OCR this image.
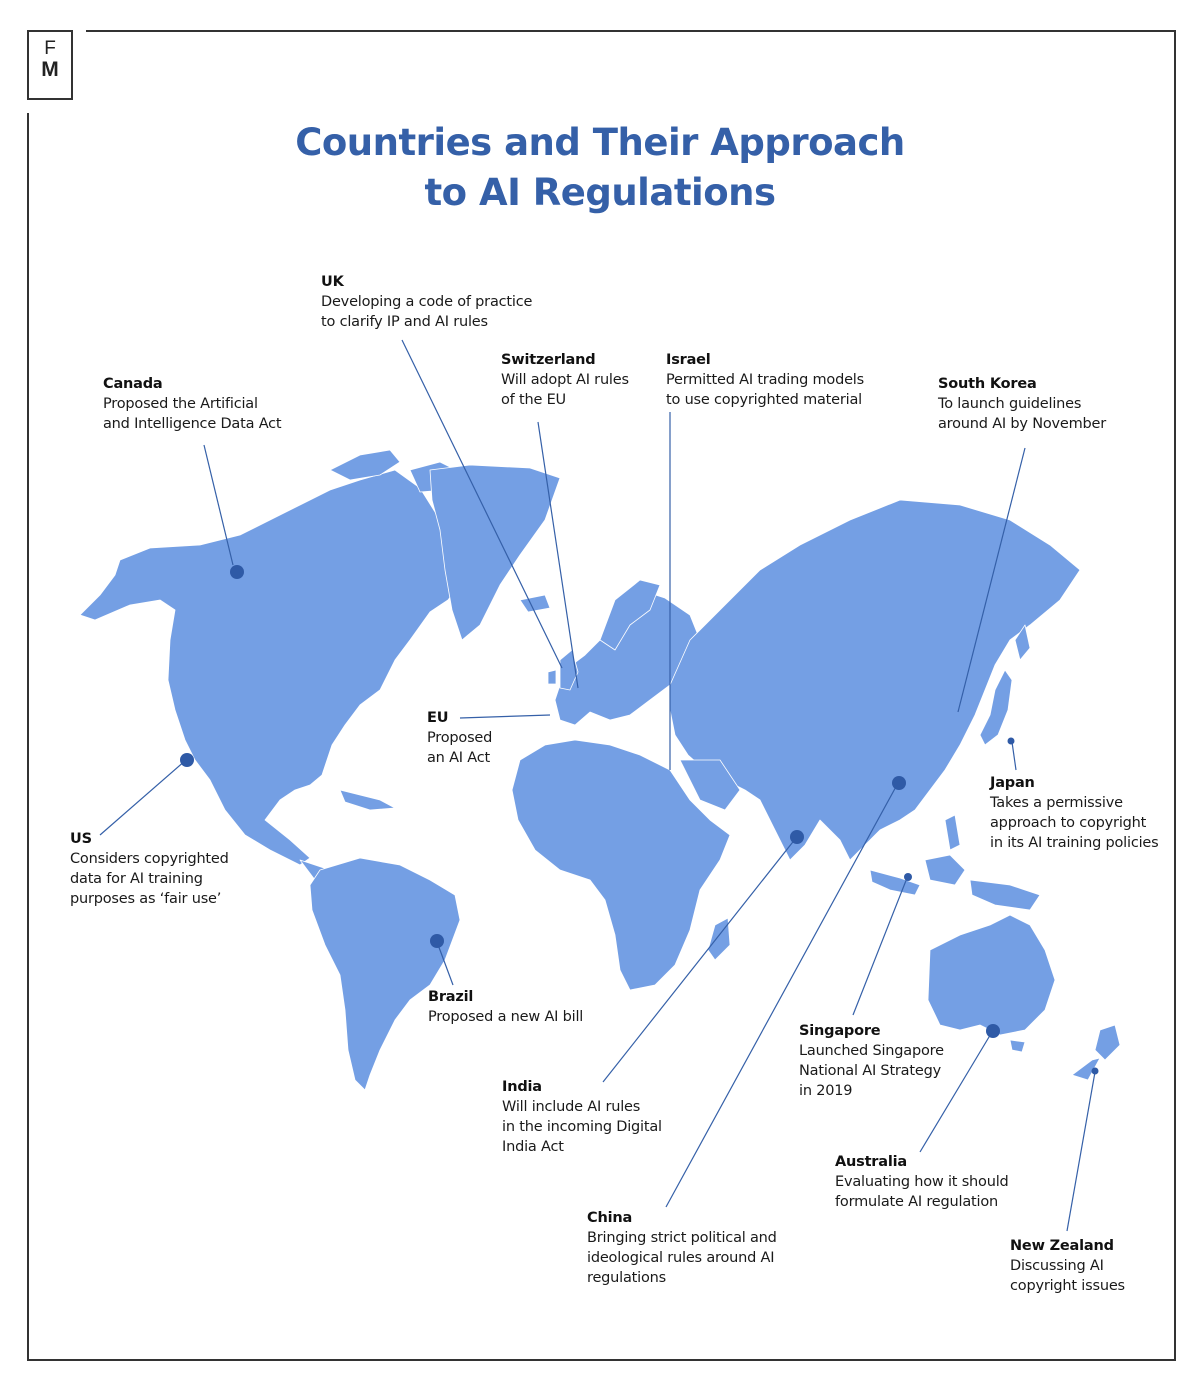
F
M
Countries and Their Approach
to AI Regulations
UK
Developing a code of practice
to clarify IP and AI rules
Canada
Proposed the Artificial
and Intelligence Data Act
Switzerland
Will adopt AI rules
of the EU
Israel
Permitted AI trading models
to use copyrighted material
South Korea
To launch guidelines
around AI by November
EU
Proposed
an AI Act
US
Considers copyrighted
data for AI training
purposes as ‘fair use’
Japan
Takes a permissive
approach to copyright
in its AI training policies
Brazil
Proposed a new AI bill
Singapore
Launched Singapore
National AI Strategy
in 2019
India
Will include AI rules
in the incoming Digital
India Act
Australia
Evaluating how it should
formulate AI regulation
China
Bringing strict political and
ideological rules around AI
regulations
New Zealand
Discussing AI
copyright issues
